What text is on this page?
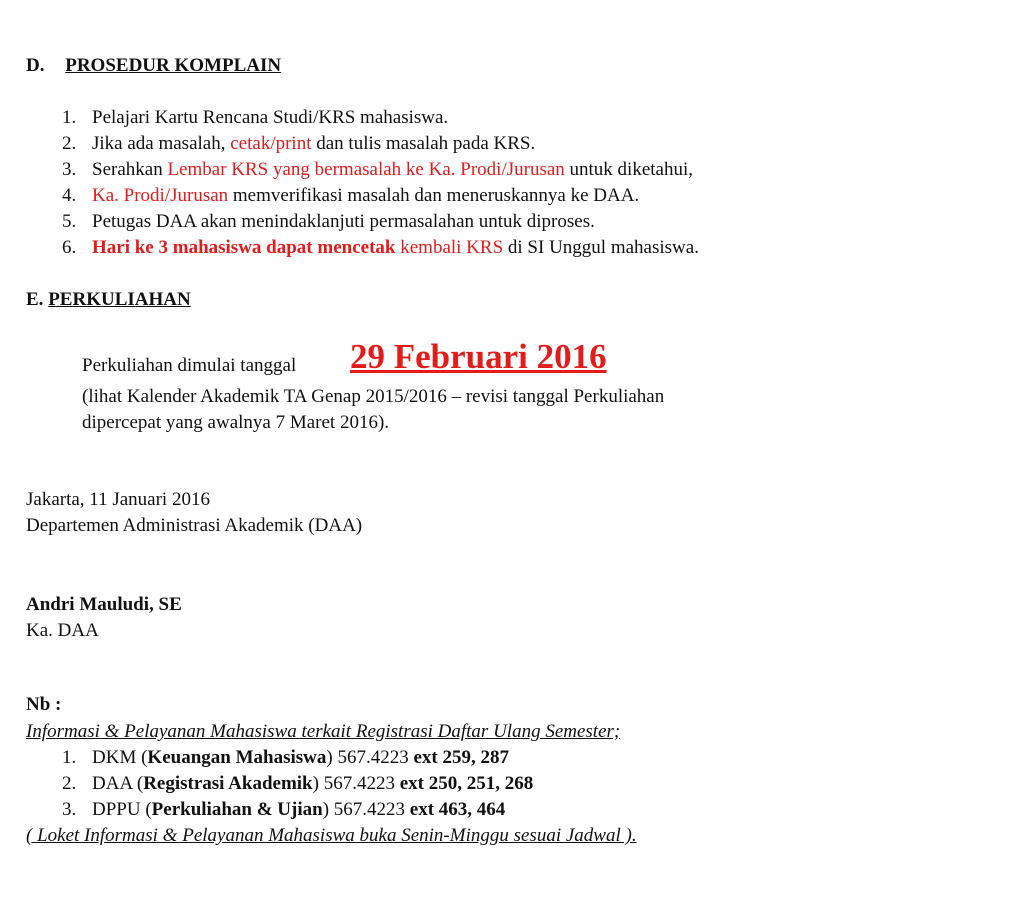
D. PROSEDUR KOMPLAIN
1. Pelajari Kartu Rencana Studi/KRS mahasiswa.
2. Jika ada masalah, cetak/print dan tulis masalah pada KRS.
3. Serahkan Lembar KRS yang bermasalah ke Ka. Prodi/Jurusan untuk diketahui,
4. Ka. Prodi/Jurusan memverifikasi masalah dan meneruskannya ke DAA.
5. Petugas DAA akan menindaklanjuti permasalahan untuk diproses.
6. Hari ke 3 mahasiswa dapat mencetak kembali KRS di SI Unggul mahasiswa.
E. PERKULIAHAN
Perkuliahan dimulai tanggal 29 Februari 2016
(lihat Kalender Akademik TA Genap 2015/2016 – revisi tanggal Perkuliahan
dipercepat yang awalnya 7 Maret 2016).
Jakarta, 11 Januari 2016
Departemen Administrasi Akademik (DAA)
Andri Mauludi, SE
Ka. DAA
Nb :
Informasi & Pelayanan Mahasiswa terkait Registrasi Daftar Ulang Semester;
1. DKM (Keuangan Mahasiswa) 567.4223 ext 259, 287
2. DAA (Registrasi Akademik) 567.4223 ext 250, 251, 268
3. DPPU (Perkuliahan & Ujian) 567.4223 ext 463, 464
( Loket Informasi & Pelayanan Mahasiswa buka Senin-Minggu sesuai Jadwal ).
